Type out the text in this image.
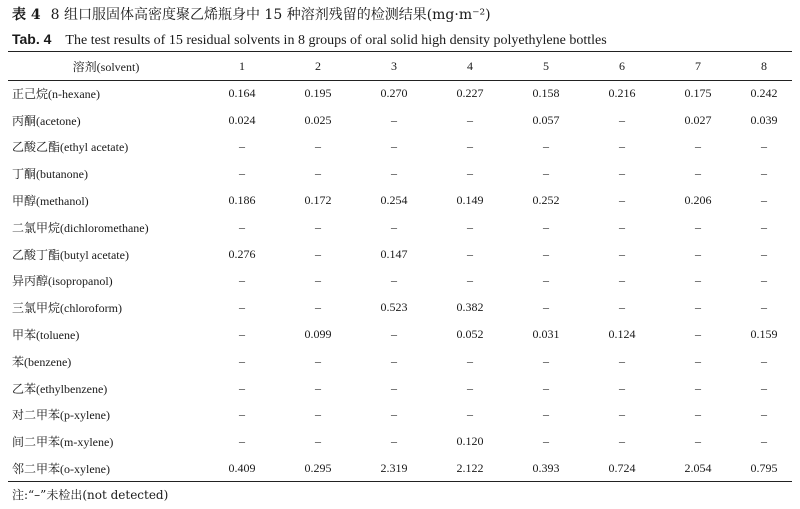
表 4 8 组口服固体高密度聚乙烯瓶身中 15 种溶剂残留的检测结果(mg·m⁻²)
Tab. 4 The test results of 15 residual solvents in 8 groups of oral solid high density polyethylene bottles
溶剂(solvent)	1	2	3	4	5	6	7	8
正己烷(n-hexane)	0.164	0.195	0.270	0.227	0.158	0.216	0.175	0.242
丙酮(acetone)	0.024	0.025	–	–	0.057	–	0.027	0.039
乙酸乙酯(ethyl acetate)	–	–	–	–	–	–	–	–
丁酮(butanone)	–	–	–	–	–	–	–	–
甲醇(methanol)	0.186	0.172	0.254	0.149	0.252	–	0.206	–
二氯甲烷(dichloromethane)	–	–	–	–	–	–	–	–
乙酸丁酯(butyl acetate)	0.276	–	0.147	–	–	–	–	–
异丙醇(isopropanol)	–	–	–	–	–	–	–	–
三氯甲烷(chloroform)	–	–	0.523	0.382	–	–	–	–
甲苯(toluene)	–	0.099	–	0.052	0.031	0.124	–	0.159
苯(benzene)	–	–	–	–	–	–	–	–
乙苯(ethylbenzene)	–	–	–	–	–	–	–	–
对二甲苯(p-xylene)	–	–	–	–	–	–	–	–
间二甲苯(m-xylene)	–	–	–	0.120	–	–	–	–
邻二甲苯(o-xylene)	0.409	0.295	2.319	2.122	0.393	0.724	2.054	0.795
注:“–”未检出(not detected)
